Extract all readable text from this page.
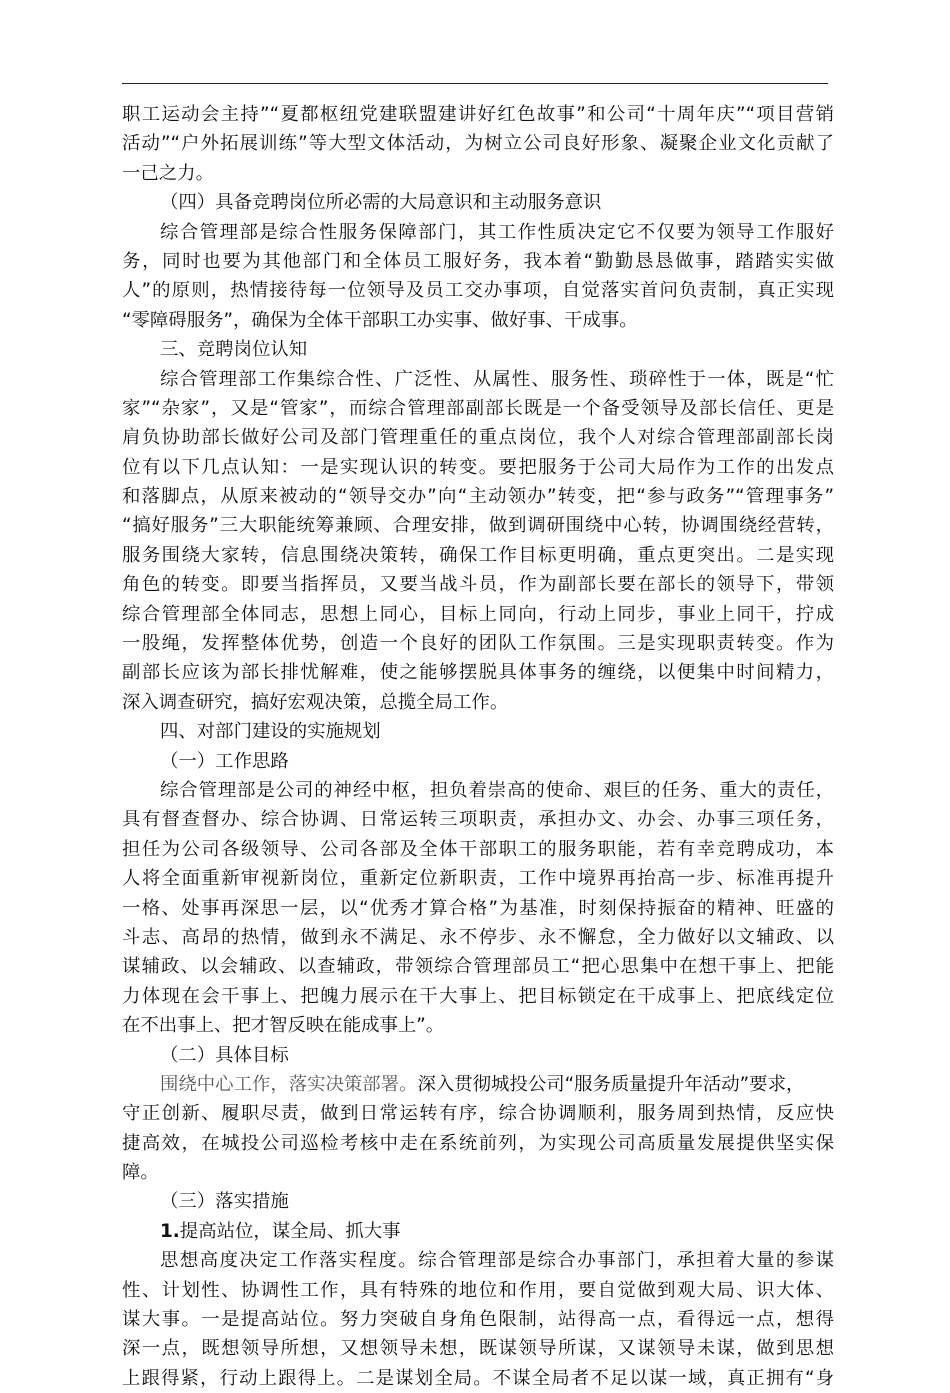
职工运动会主持”“夏都枢纽党建联盟建讲好红色故事”和公司“十周年庆”“项目营销
活动”“户外拓展训练”等大型文体活动，为树立公司良好形象、凝聚企业文化贡献了
一己之力。
（四）具备竞聘岗位所必需的大局意识和主动服务意识
综合管理部是综合性服务保障部门，其工作性质决定它不仅要为领导工作服好
务，同时也要为其他部门和全体员工服好务，我本着“勤勤恳恳做事，踏踏实实做
人”的原则，热情接待每一位领导及员工交办事项，自觉落实首问负责制，真正实现
“零障碍服务”，确保为全体干部职工办实事、做好事、干成事。
三、竞聘岗位认知
综合管理部工作集综合性、广泛性、从属性、服务性、琐碎性于一体，既是“忙
家”“杂家”，又是“管家”，而综合管理部副部长既是一个备受领导及部长信任、更是
肩负协助部长做好公司及部门管理重任的重点岗位，我个人对综合管理部副部长岗
位有以下几点认知：一是实现认识的转变。要把服务于公司大局作为工作的出发点
和落脚点，从原来被动的“领导交办”向“主动领办”转变，把“参与政务”“管理事务”
“搞好服务”三大职能统筹兼顾、合理安排，做到调研围绕中心转，协调围绕经营转，
服务围绕大家转，信息围绕决策转，确保工作目标更明确，重点更突出。二是实现
角色的转变。即要当指挥员，又要当战斗员，作为副部长要在部长的领导下，带领
综合管理部全体同志，思想上同心，目标上同向，行动上同步，事业上同干，拧成
一股绳，发挥整体优势，创造一个良好的团队工作氛围。三是实现职责转变。作为
副部长应该为部长排忧解难，使之能够摆脱具体事务的缠绕，以便集中时间精力，
深入调查研究，搞好宏观决策，总揽全局工作。
四、对部门建设的实施规划
（一）工作思路
综合管理部是公司的神经中枢，担负着崇高的使命、艰巨的任务、重大的责任，
具有督查督办、综合协调、日常运转三项职责，承担办文、办会、办事三项任务，
担任为公司各级领导、公司各部及全体干部职工的服务职能，若有幸竞聘成功，本
人将全面重新审视新岗位，重新定位新职责，工作中境界再抬高一步、标准再提升
一格、处事再深思一层，以“优秀才算合格”为基准，时刻保持振奋的精神、旺盛的
斗志、高昂的热情，做到永不满足、永不停步、永不懈怠，全力做好以文辅政、以
谋辅政、以会辅政、以查辅政，带领综合管理部员工“把心思集中在想干事上、把能
力体现在会干事上、把魄力展示在干大事上、把目标锁定在干成事上、把底线定位
在不出事上、把才智反映在能成事上”。
（二）具体目标
围绕中心工作，落实决策部署。深入贯彻城投公司“服务质量提升年活动”要求，
守正创新、履职尽责，做到日常运转有序，综合协调顺利，服务周到热情，反应快
捷高效，在城投公司巡检考核中走在系统前列，为实现公司高质量发展提供坚实保
障。
（三）落实措施
1.提高站位，谋全局、抓大事
思想高度决定工作落实程度。综合管理部是综合办事部门，承担着大量的参谋
性、计划性、协调性工作，具有特殊的地位和作用，要自觉做到观大局、识大体、
谋大事。一是提高站位。努力突破自身角色限制，站得高一点，看得远一点，想得
深一点，既想领导所想，又想领导未想，既谋领导所谋，又谋领导未谋，做到思想
上跟得紧，行动上跟得上。二是谋划全局。不谋全局者不足以谋一域，真正拥有“身
